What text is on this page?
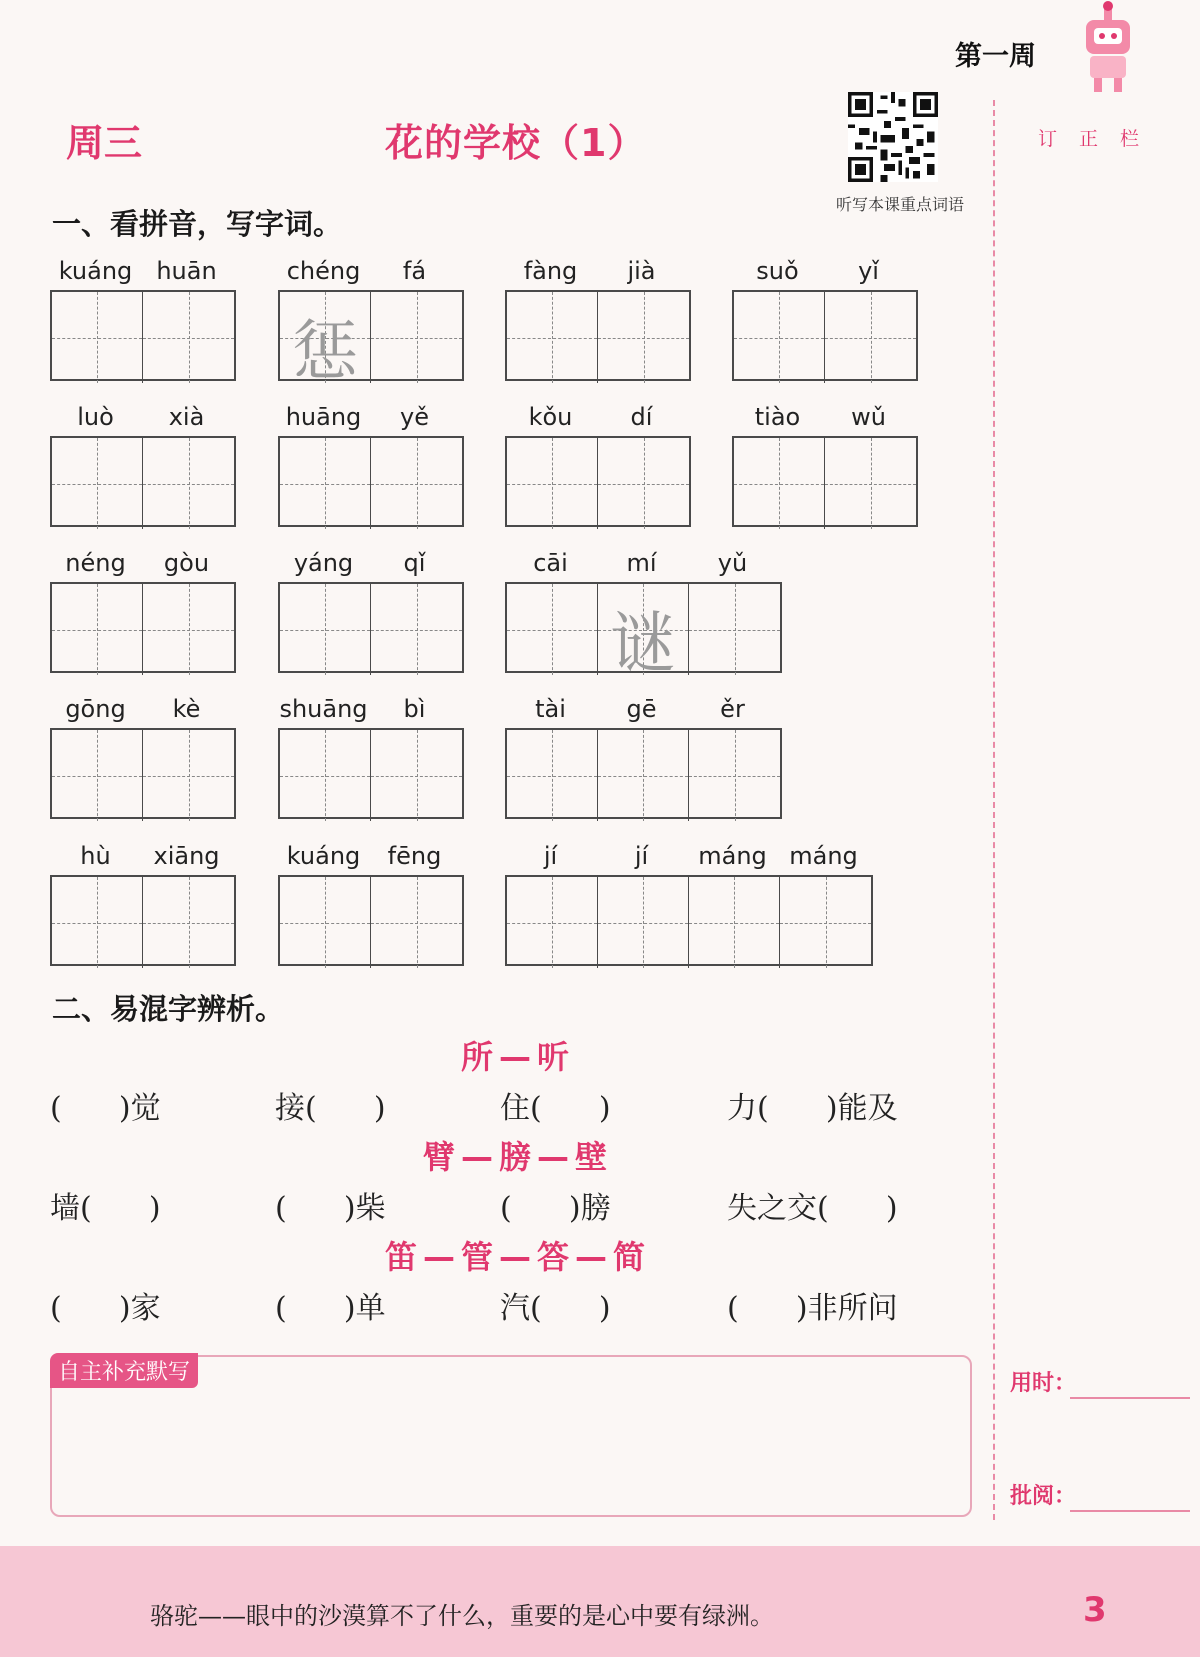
第一周
周三	花的学校（1）
听写本课重点词语
订正栏
一、看拼音，写字词。
kuáng	huān	chéng	fá
惩
fàng	jià	suǒ	yǐ
luò	xià	huāng	yě	kǒu	dí	tiào	wǔ
néng	gòu	yáng	qǐ	cāi	mí	yǔ
谜
gōng	kè	shuāng	bì	tài	gē	ěr
hù	xiāng	kuáng	fēng	jí	jí	máng máng
二、易混字辨析。
所 — 听
(      )觉	接(      )	住(      )	力(      )能及
臂 — 膀 — 壁
墙(      )	(      )柴	(      )膀	失之交(      )
笛 — 管 — 答 — 简
(      )家	(      )单	汽(      )	(      )非所问
自主补充默写	用时：
批阅：
骆驼——眼中的沙漠算不了什么，重要的是心中要有绿洲。	3
